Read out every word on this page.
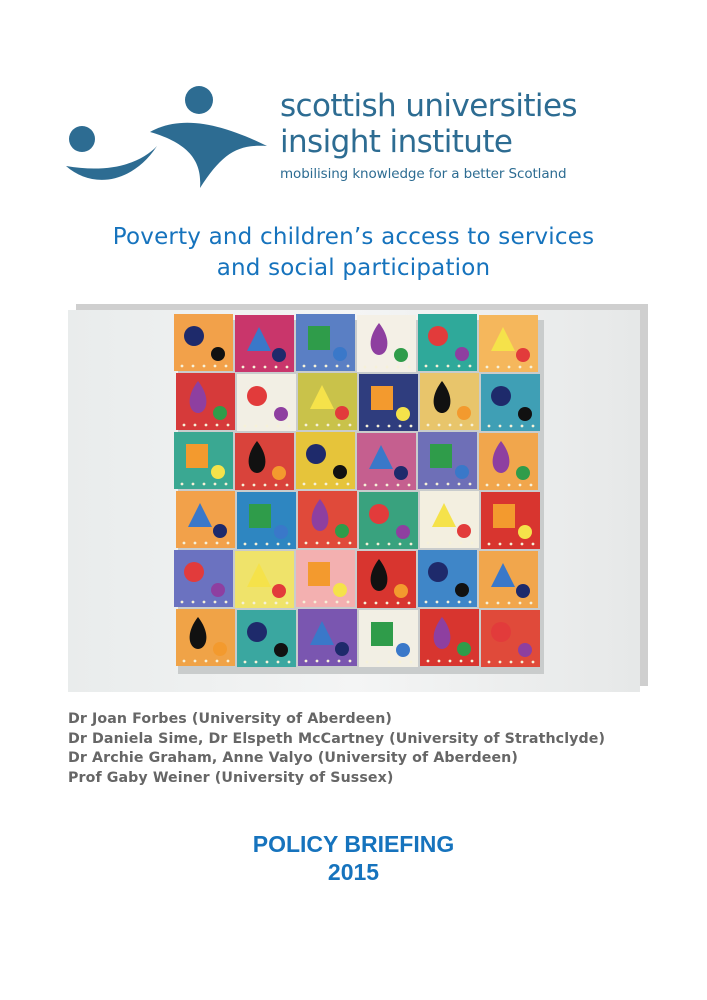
scottish universities
insight institute
mobilising knowledge for a better Scotland
Poverty and children’s access to services
and social participation
Dr Joan Forbes (University of Aberdeen)
Dr Daniela Sime, Dr Elspeth McCartney (University of Strathclyde)
Dr Archie Graham, Anne Valyo (University of Aberdeen)
Prof Gaby Weiner (University of Sussex)
POLICY BRIEFING
2015
